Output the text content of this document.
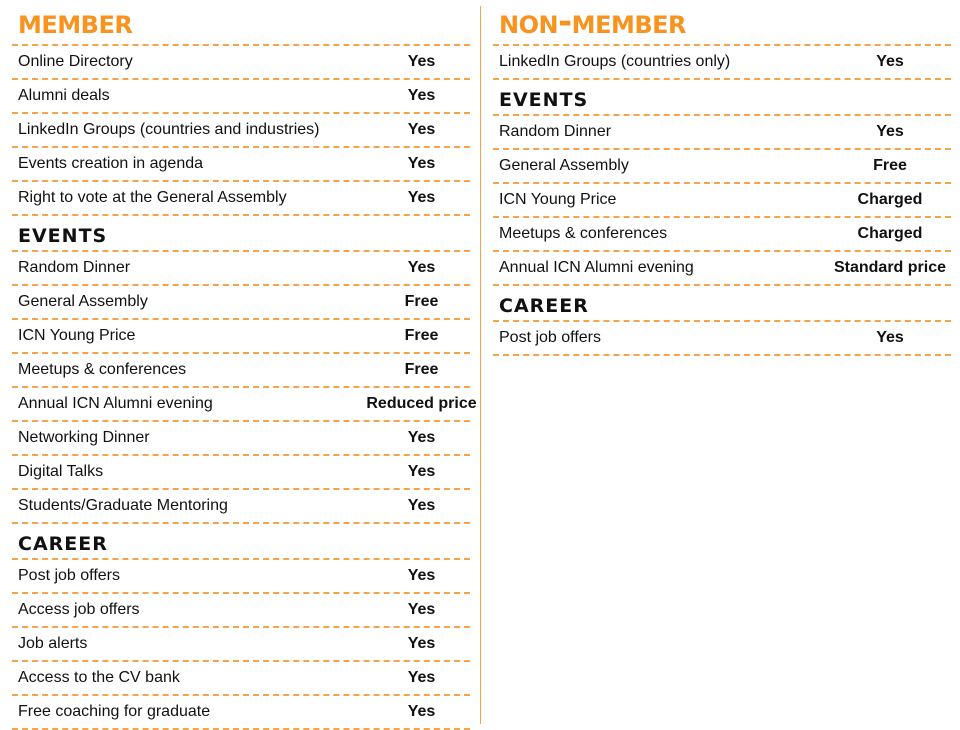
member
Online Directory	Yes
Alumni deals	Yes
LinkedIn Groups (countries and industries)	Yes
Events creation in agenda	Yes
Right to vote at the General Assembly	Yes
EVENTS
Random Dinner	Yes
General Assembly	Free
ICN Young Price	Free
Meetups & conferences	Free
Annual ICN Alumni evening	Reduced price
Networking Dinner	Yes
Digital Talks	Yes
Students/Graduate Mentoring	Yes
CAREER
Post job offers	Yes
Access job offers	Yes
Job alerts	Yes
Access to the CV bank	Yes
Free coaching for graduate	Yes
non-member
LinkedIn Groups (countries only)	Yes
EVENTS
Random Dinner	Yes
General Assembly	Free
ICN Young Price	Charged
Meetups & conferences	Charged
Annual ICN Alumni evening	Standard price
CAREER
Post job offers	Yes
